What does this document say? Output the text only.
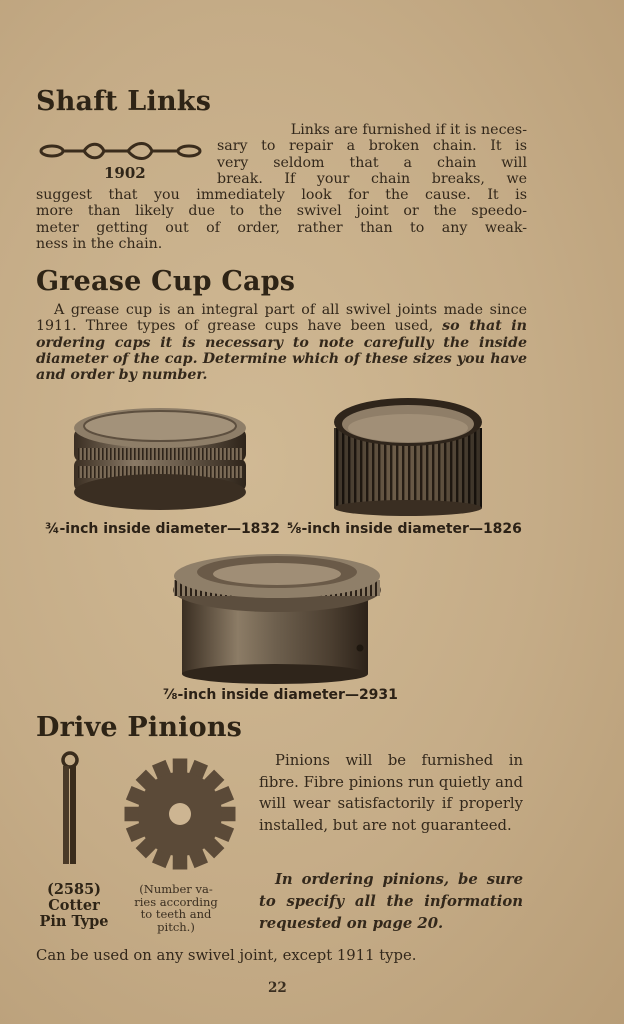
Shaft Links
1902

Links are furnished if it is neces-

sary to repair a broken chain. It is

very seldom that a chain will

break. If your chain breaks, we

suggest that you immediately look for the cause. It is

more than likely due to the swivel joint or the speedo-

meter getting out of order, rather than to any weak-

ness in the chain.

Grease Cup Caps
A grease cup is an integral part of all swivel joints made since 1911. Three types of grease cups have been used, so that in ordering caps it is necessary to note carefully the inside diameter of the cap. Determine which of these sizes you have and order by number.
¾-inch inside diameter—1832 ⅝-inch inside diameter—1826
⅞-inch inside diameter—2931
Drive Pinions
(2585)
Cotter
Pin Type
(Number va-
ries according
to teeth and
pitch.)
Pinions will be furnished in fibre. Fibre pinions run quietly and will wear satisfactorily if properly installed, but are not guaranteed.
In ordering pinions, be sure to specify all the information requested on page 20.
Can be used on any swivel joint, except 1911 type.
22
